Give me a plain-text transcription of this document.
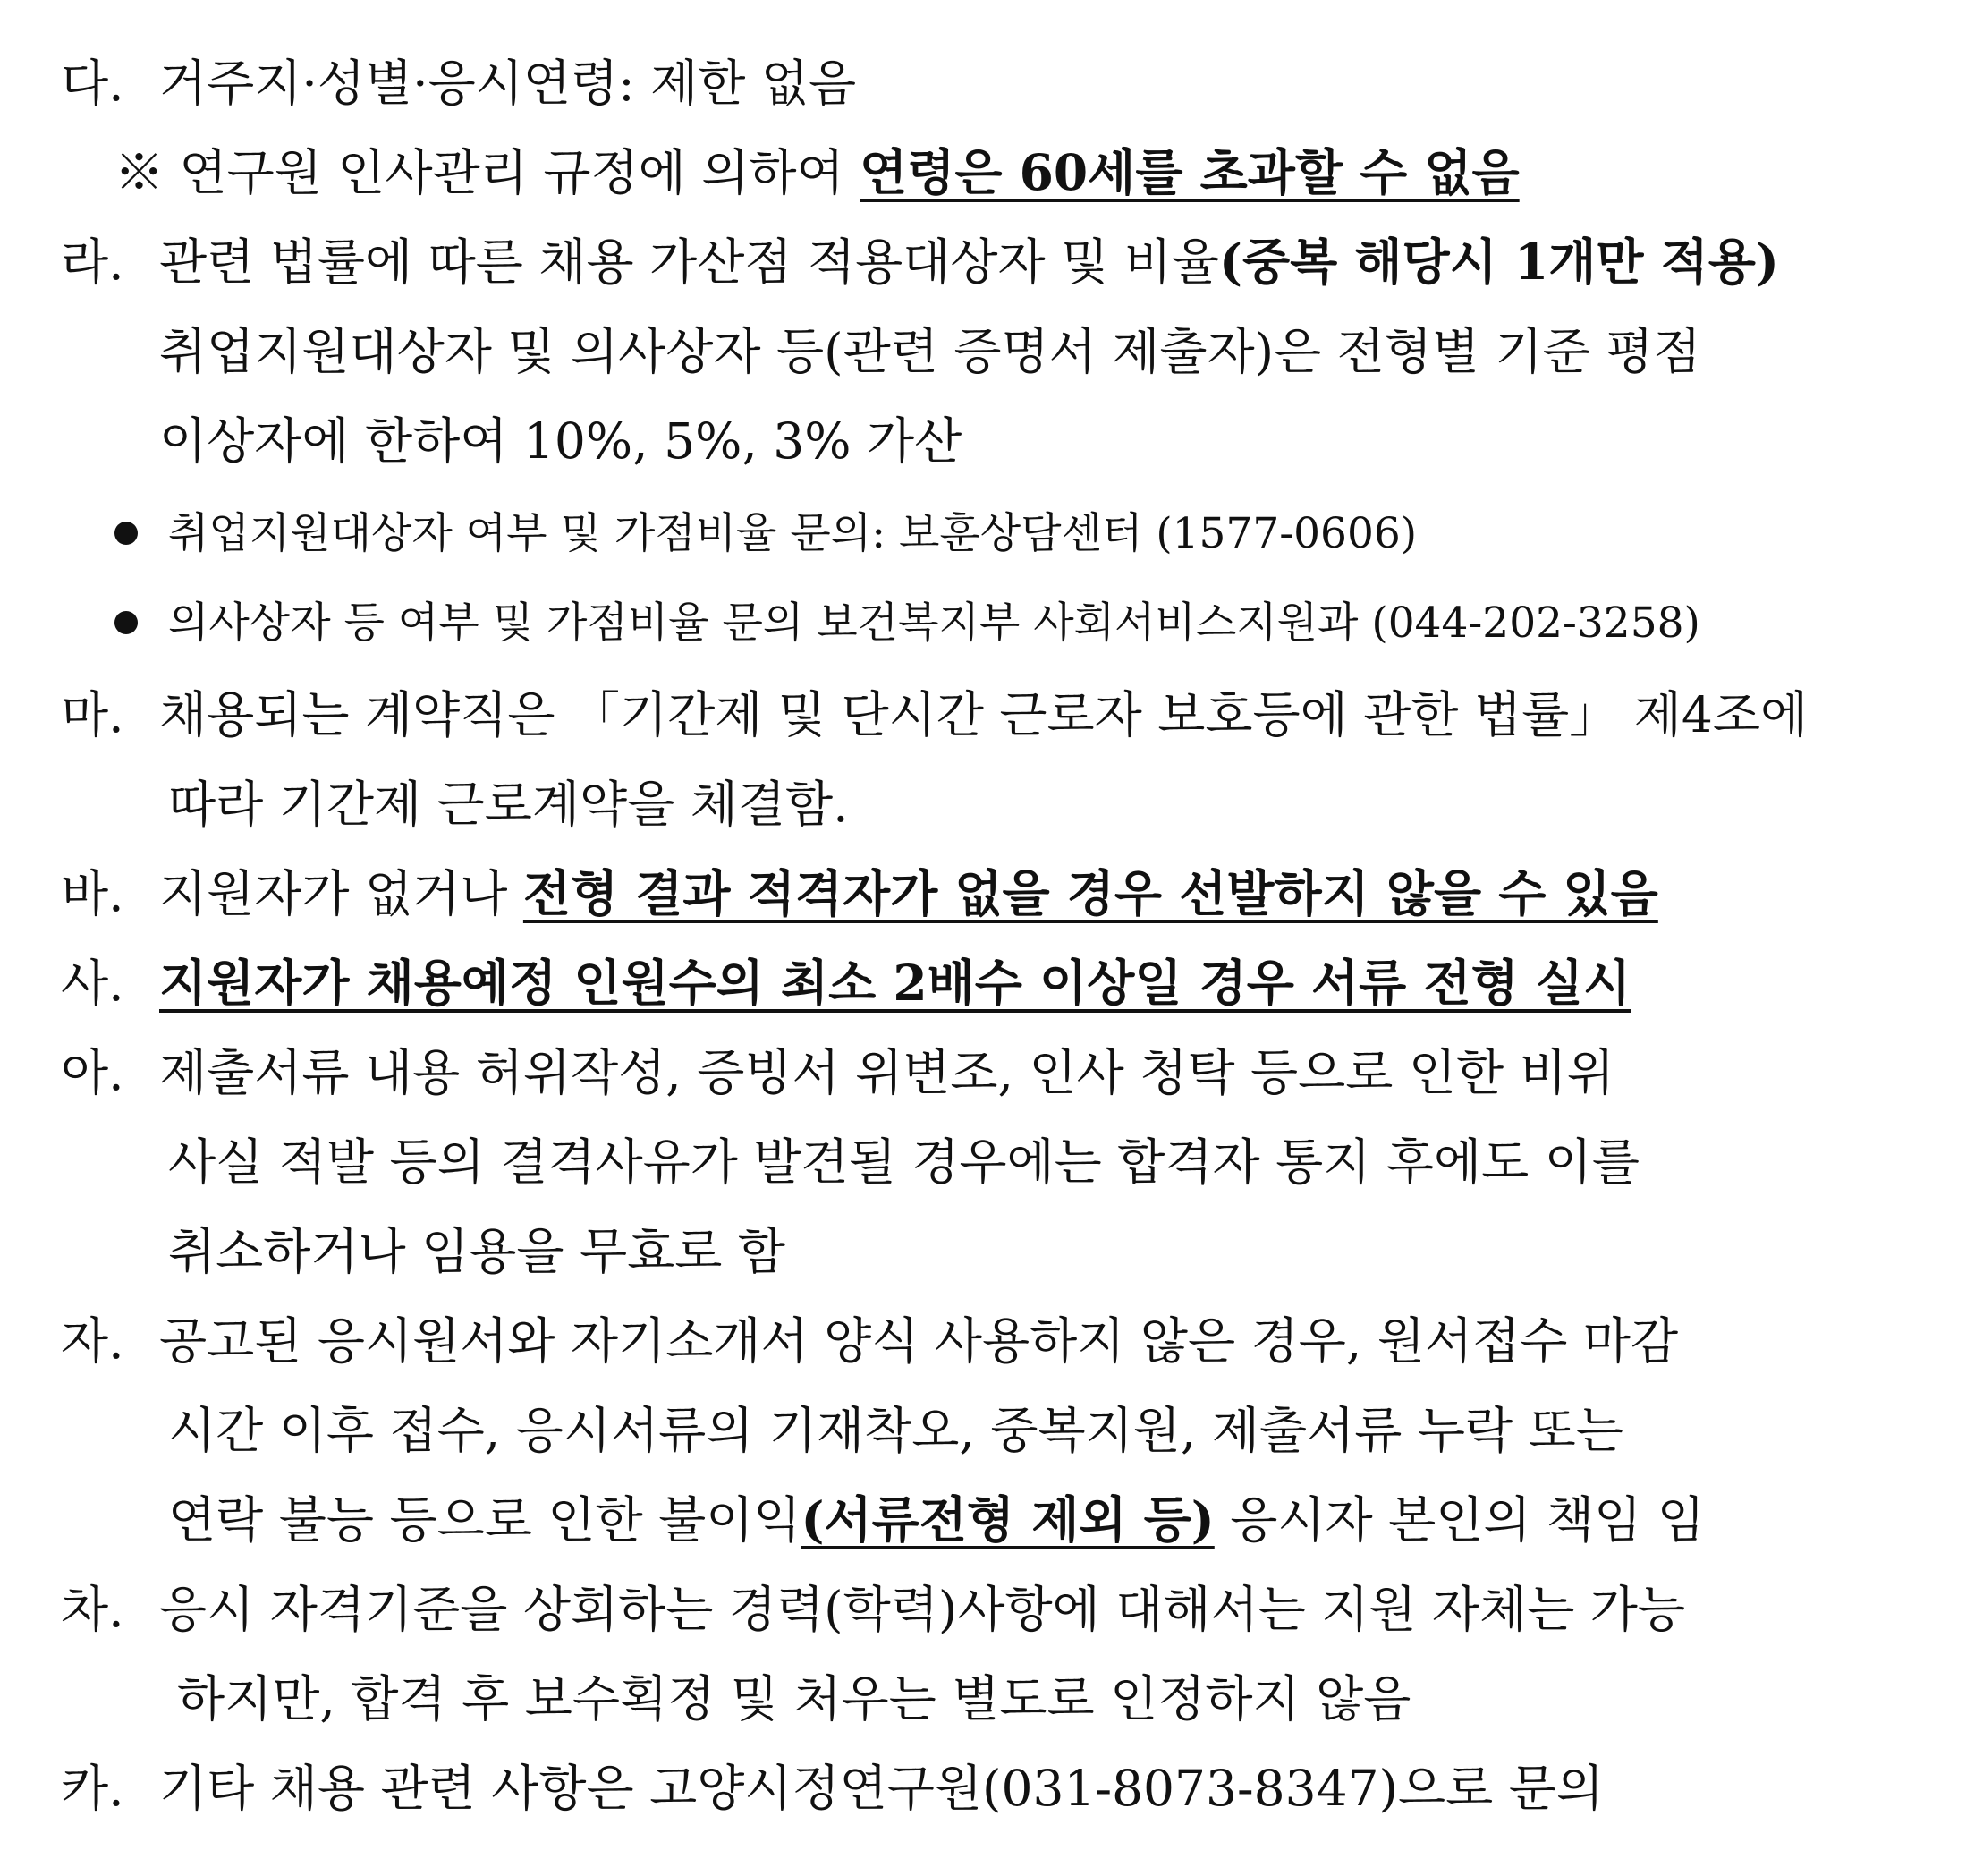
다. 거주지·성별·응시연령: 제한 없음
※ 연구원 인사관리 규정에 의하여 연령은 60세를 초과할 수 없음
라. 관련 법률에 따른 채용 가산점 적용대상자 및 비율(중복 해당시 1개만 적용)
취업지원대상자 및 의사상자 등(관련 증명서 제출자)은 전형별 기준 평점
이상자에 한하여 10%, 5%, 3% 가산
취업지원대상자 여부 및 가점비율 문의: 보훈상담센터 (1577-0606)
의사상자 등 여부 및 가점비율 문의 보건복지부 사회서비스지원과 (044-202-3258)
마. 채용되는 계약직은 「기간제 및 단시간 근로자 보호등에 관한 법률」 제4조에
따라 기간제 근로계약을 체결함.
바. 지원자가 없거나 전형 결과 적격자가 없을 경우 선발하지 않을 수 있음
사. 지원자가 채용예정 인원수의 최소 2배수 이상일 경우 서류 전형 실시
아. 제출서류 내용 허위작성, 증빙서 위변조, 인사 청탁 등으로 인한 비위
사실 적발 등의 결격사유가 발견될 경우에는 합격자 통지 후에도 이를
취소하거나 임용을 무효로 함
자. 공고된 응시원서와 자기소개서 양식 사용하지 않은 경우, 원서접수 마감
시간 이후 접수, 응시서류의 기재착오, 중복지원, 제출서류 누락 또는
연락 불능 등으로 인한 불이익(서류전형 제외 등) 응시자 본인의 책임 임
차. 응시 자격기준을 상회하는 경력(학력)사항에 대해서는 지원 자체는 가능
하지만, 합격 후 보수획정 및 처우는 별도로 인정하지 않음
카. 기타 채용 관련 사항은 고양시정연구원(031-8073-8347)으로 문의
